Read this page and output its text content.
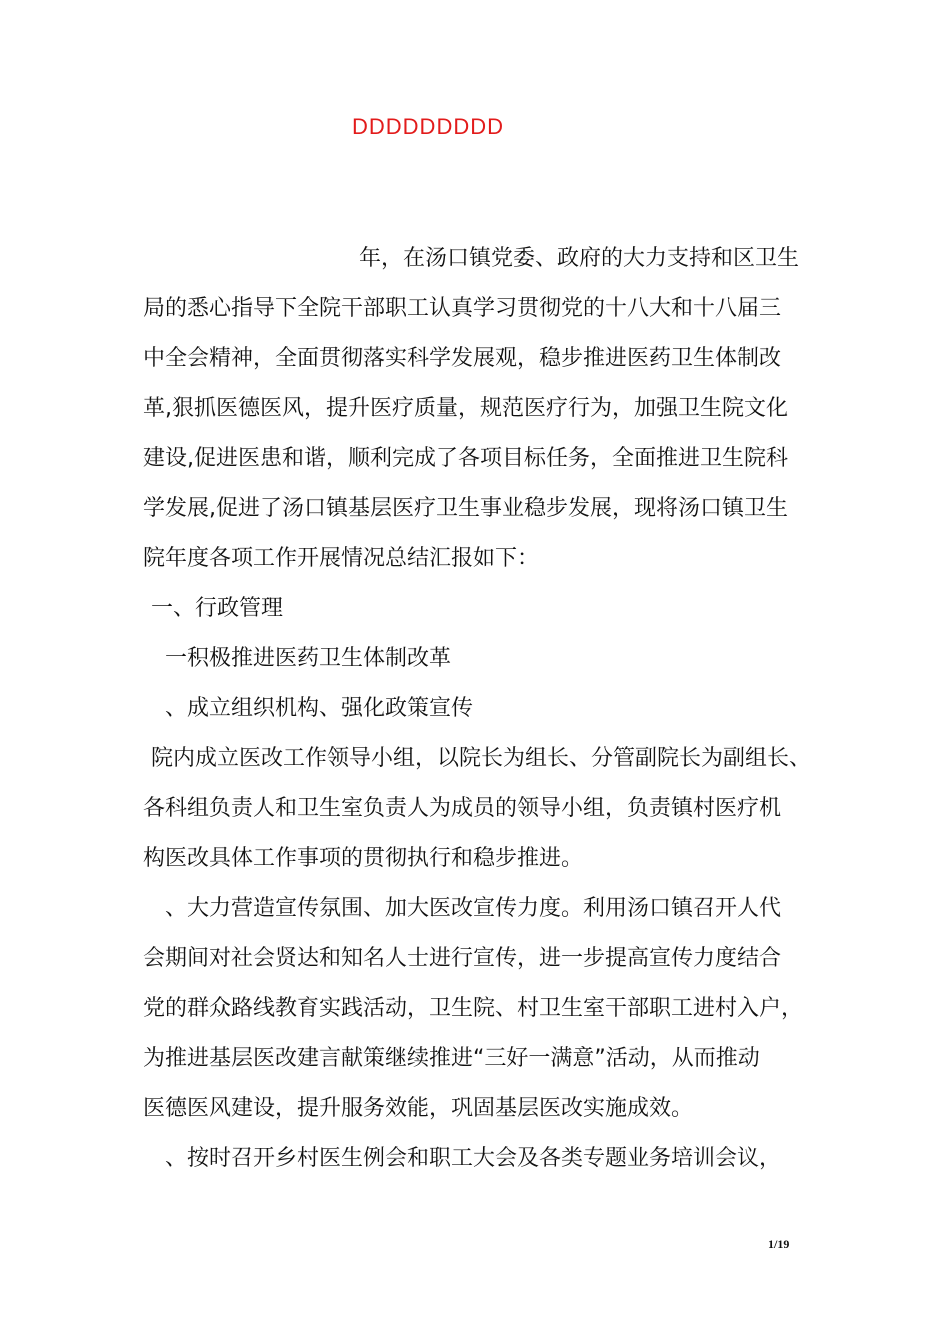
DDDDDDDDD
年，在汤口镇党委、政府的大力支持和区卫生
局的悉心指导下全院干部职工认真学习贯彻党的十八大和十八届三
中全会精神，全面贯彻落实科学发展观，稳步推进医药卫生体制改
革,狠抓医德医风，提升医疗质量，规范医疗行为，加强卫生院文化
建设,促进医患和谐，顺利完成了各项目标任务，全面推进卫生院科
学发展,促进了汤口镇基层医疗卫生事业稳步发展，现将汤口镇卫生
院年度各项工作开展情况总结汇报如下：
一、行政管理
一积极推进医药卫生体制改革
、成立组织机构、强化政策宣传
院内成立医改工作领导小组，以院长为组长、分管副院长为副组长、
各科组负责人和卫生室负责人为成员的领导小组，负责镇村医疗机
构医改具体工作事项的贯彻执行和稳步推进。
、大力营造宣传氛围、加大医改宣传力度。利用汤口镇召开人代
会期间对社会贤达和知名人士进行宣传，进一步提高宣传力度结合
党的群众路线教育实践活动，卫生院、村卫生室干部职工进村入户，
为推进基层医改建言献策继续推进“三好一满意”活动，从而推动
医德医风建设，提升服务效能，巩固基层医改实施成效。
、按时召开乡村医生例会和职工大会及各类专题业务培训会议，
1/19
